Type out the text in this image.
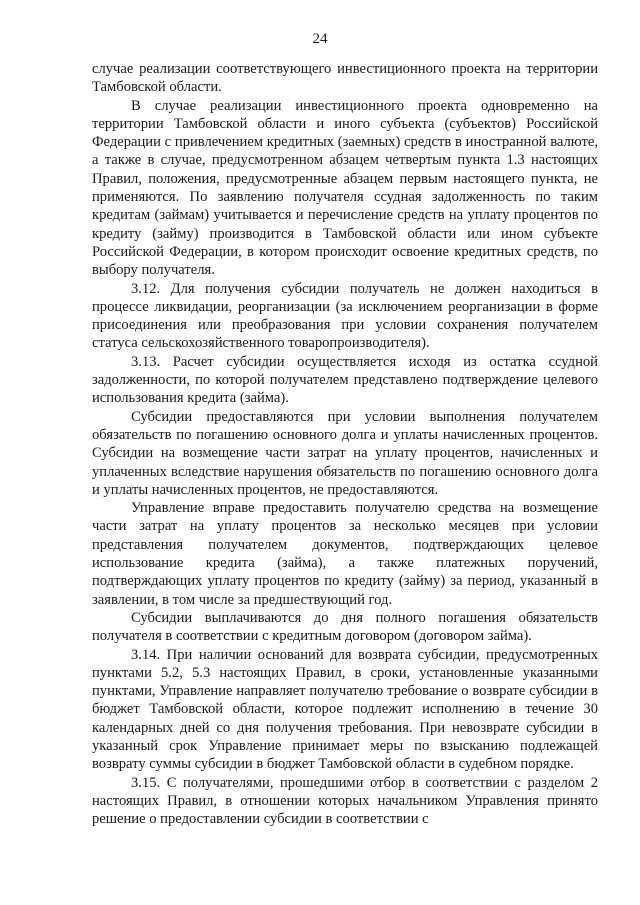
24

случае реализации соответствующего инвестиционного проекта на территории Тамбовской области.

В случае реализации инвестиционного проекта одновременно на территории Тамбовской области и иного субъекта (субъектов) Российской Федерации с привлечением кредитных (заемных) средств в иностранной валюте, а также в случае, предусмотренном абзацем четвертым пункта 1.3 настоящих Правил, положения, предусмотренные абзацем первым настоящего пункта, не применяются. По заявлению получателя ссудная задолженность по таким кредитам (займам) учитывается и перечисление средств на уплату процентов по кредиту (займу) производится в Тамбовской области или ином субъекте Российской Федерации, в котором происходит освоение кредитных средств, по выбору получателя.

3.12. Для получения субсидии получатель не должен находиться в процессе ликвидации, реорганизации (за исключением реорганизации в форме присоединения или преобразования при условии сохранения получателем статуса сельскохозяйственного товаропроизводителя).

3.13. Расчет субсидии осуществляется исходя из остатка ссудной задолженности, по которой получателем представлено подтверждение целевого использования кредита (займа).

Субсидии предоставляются при условии выполнения получателем обязательств по погашению основного долга и уплаты начисленных процентов. Субсидии на возмещение части затрат на уплату процентов, начисленных и уплаченных вследствие нарушения обязательств по погашению основного долга и уплаты начисленных процентов, не предоставляются.

Управление вправе предоставить получателю средства на возмещение части затрат на уплату процентов за несколько месяцев при условии представления получателем документов, подтверждающих целевое использование кредита (займа), а также платежных поручений, подтверждающих уплату процентов по кредиту (займу) за период, указанный в заявлении, в том числе за предшествующий год.

Субсидии выплачиваются до дня полного погашения обязательств получателя в соответствии с кредитным договором (договором займа).

3.14. При наличии оснований для возврата субсидии, предусмотренных пунктами 5.2, 5.3 настоящих Правил, в сроки, установленные указанными пунктами, Управление направляет получателю требование о возврате субсидии в бюджет Тамбовской области, которое подлежит исполнению в течение 30 календарных дней со дня получения требования. При невозврате субсидии в указанный срок Управление принимает меры по взысканию подлежащей возврату суммы субсидии в бюджет Тамбовской области в судебном порядке.

3.15. С получателями, прошедшими отбор в соответствии с разделом 2 настоящих Правил, в отношении которых начальником Управления принято решение о предоставлении субсидии в соответствии с
